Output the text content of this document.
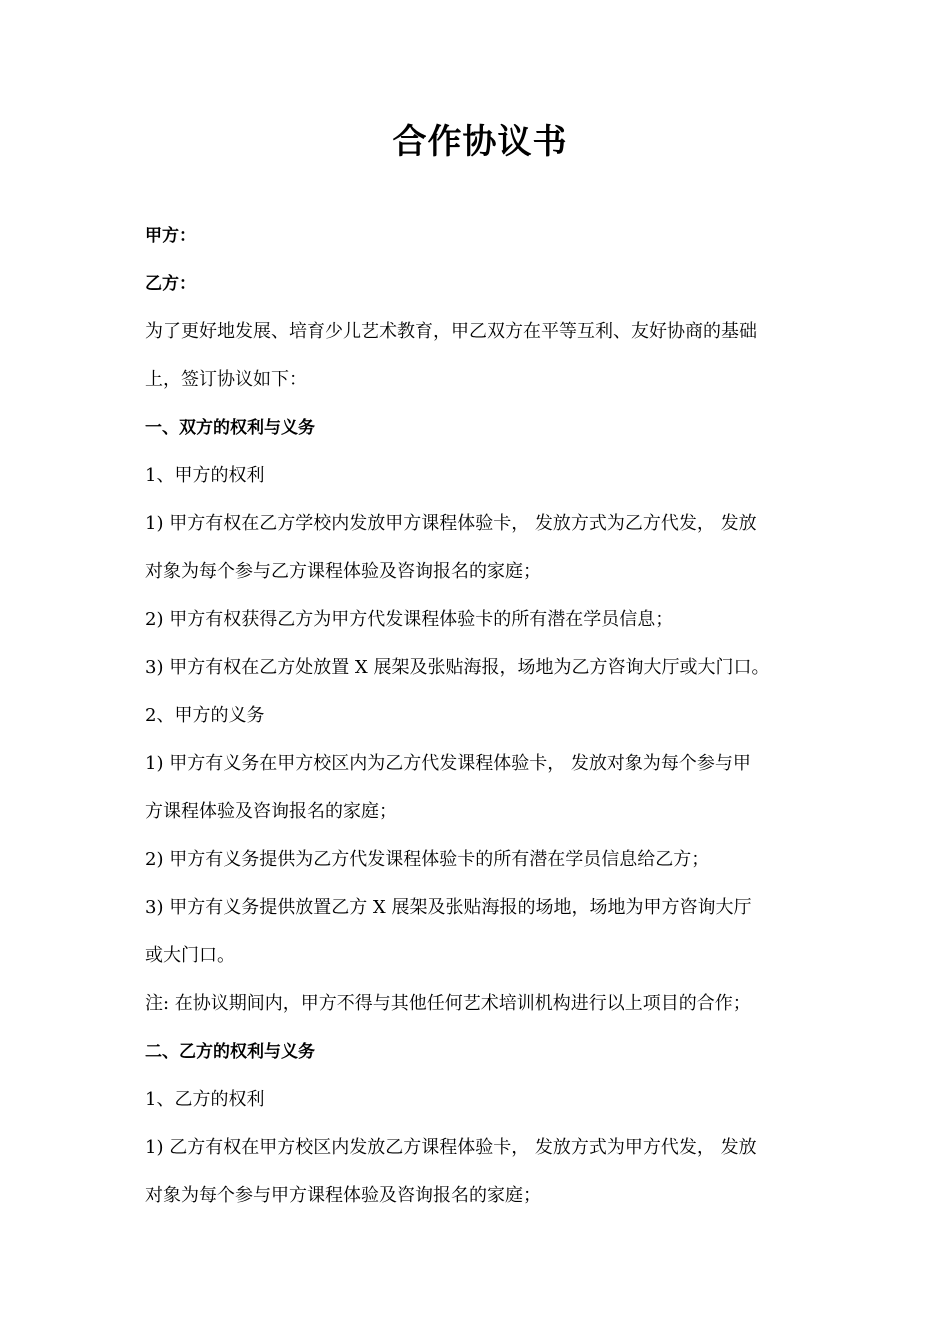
合作协议书
甲方：
乙方：
为了更好地发展、培育少儿艺术教育，甲乙双方在平等互利、友好协商的基础
上，签订协议如下：
一、双方的权利与义务
1、甲方的权利
1) 甲方有权在乙方学校内发放甲方课程体验卡， 发放方式为乙方代发， 发放
对象为每个参与乙方课程体验及咨询报名的家庭；
2) 甲方有权获得乙方为甲方代发课程体验卡的所有潜在学员信息；
3) 甲方有权在乙方处放置 X 展架及张贴海报，场地为乙方咨询大厅或大门口。
2、甲方的义务
1) 甲方有义务在甲方校区内为乙方代发课程体验卡， 发放对象为每个参与甲
方课程体验及咨询报名的家庭；
2) 甲方有义务提供为乙方代发课程体验卡的所有潜在学员信息给乙方；
3) 甲方有义务提供放置乙方 X 展架及张贴海报的场地，场地为甲方咨询大厅
或大门口。
注: 在协议期间内，甲方不得与其他任何艺术培训机构进行以上项目的合作；
二、乙方的权利与义务
1、乙方的权利
1) 乙方有权在甲方校区内发放乙方课程体验卡， 发放方式为甲方代发， 发放
对象为每个参与甲方课程体验及咨询报名的家庭；
